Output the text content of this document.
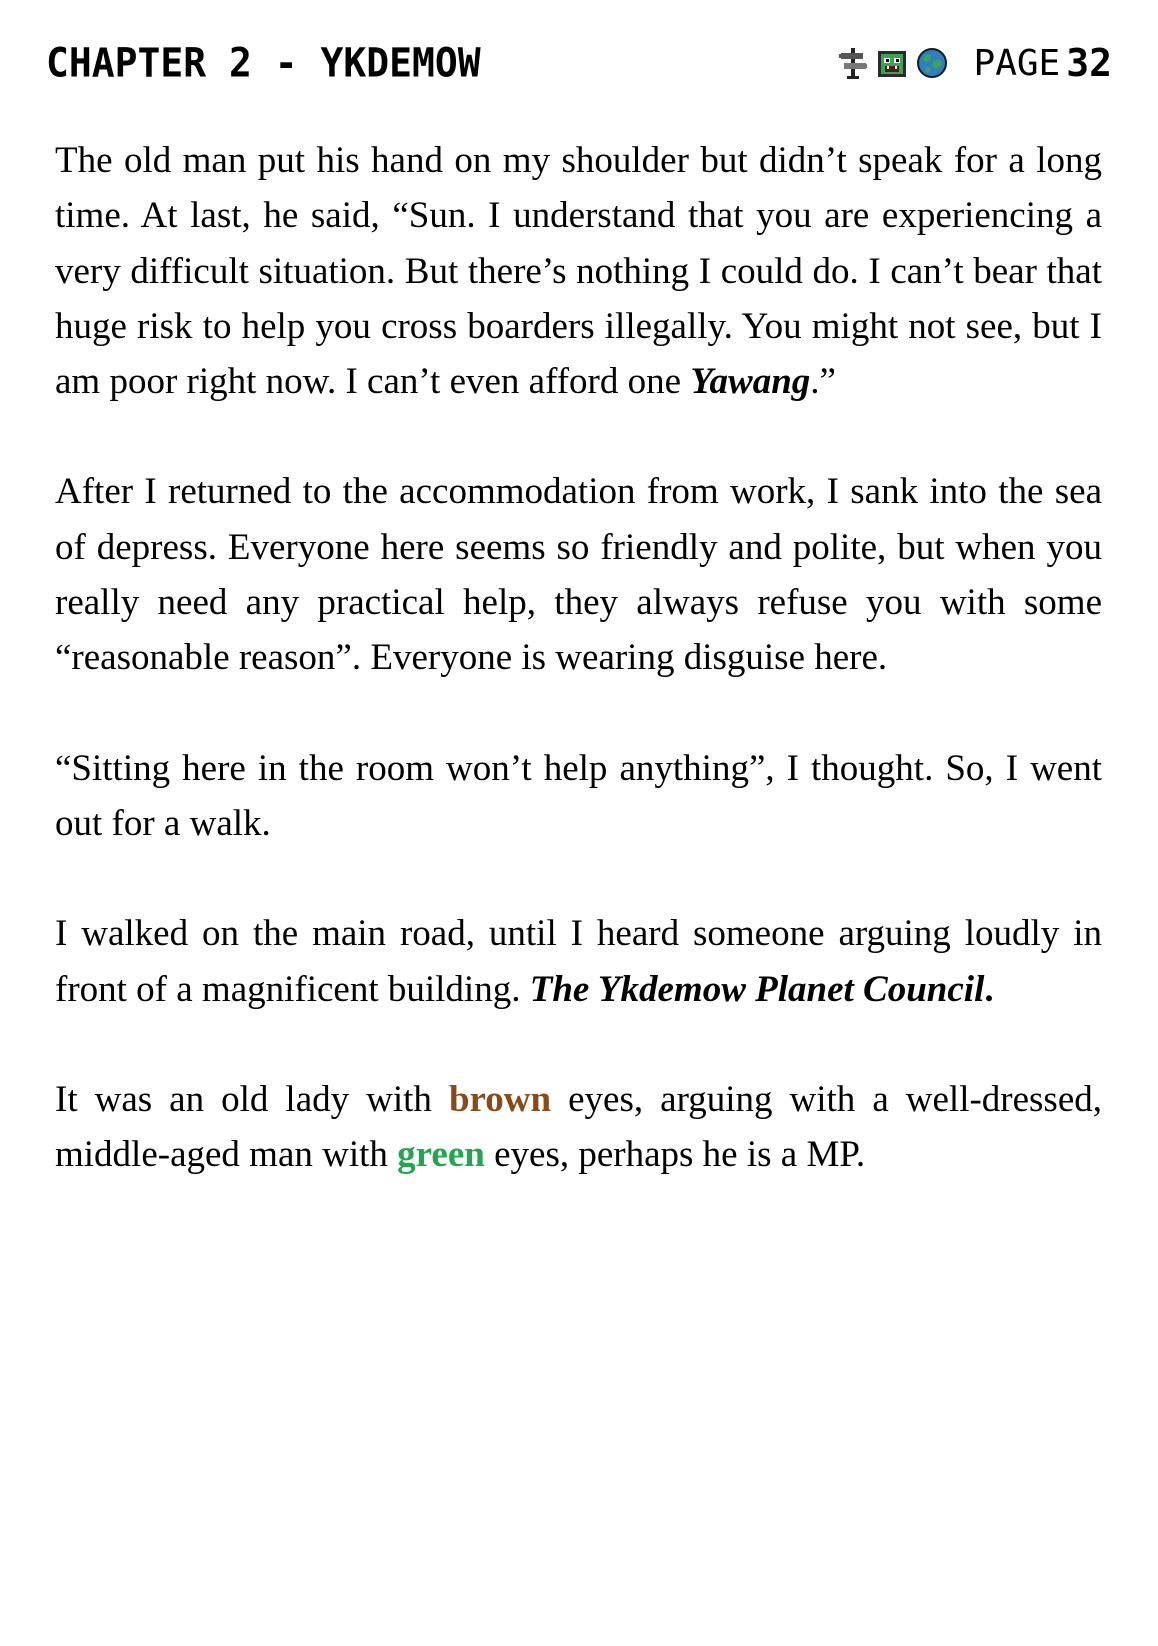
CHAPTER 2 - YKDEMOW	PAGE 32

The old man put his hand on my shoulder but didn’t speak for a long time. At last, he said, “Sun. I understand that you are experiencing a very difficult situation. But there’s nothing I could do. I can’t bear that huge risk to help you cross boarders illegally. You might not see, but I am poor right now. I can’t even afford one Yawang.”

After I returned to the accommodation from work, I sank into the sea of depress. Everyone here seems so friendly and polite, but when you really need any practical help, they always refuse you with some “reasonable reason”. Everyone is wearing disguise here.

“Sitting here in the room won’t help anything”, I thought. So, I went out for a walk.

I walked on the main road, until I heard someone arguing loudly in front of a magnificent building. The Ykdemow Planet Council.

It was an old lady with brown eyes, arguing with a well-dressed, middle-aged man with green eyes, perhaps he is a MP.
